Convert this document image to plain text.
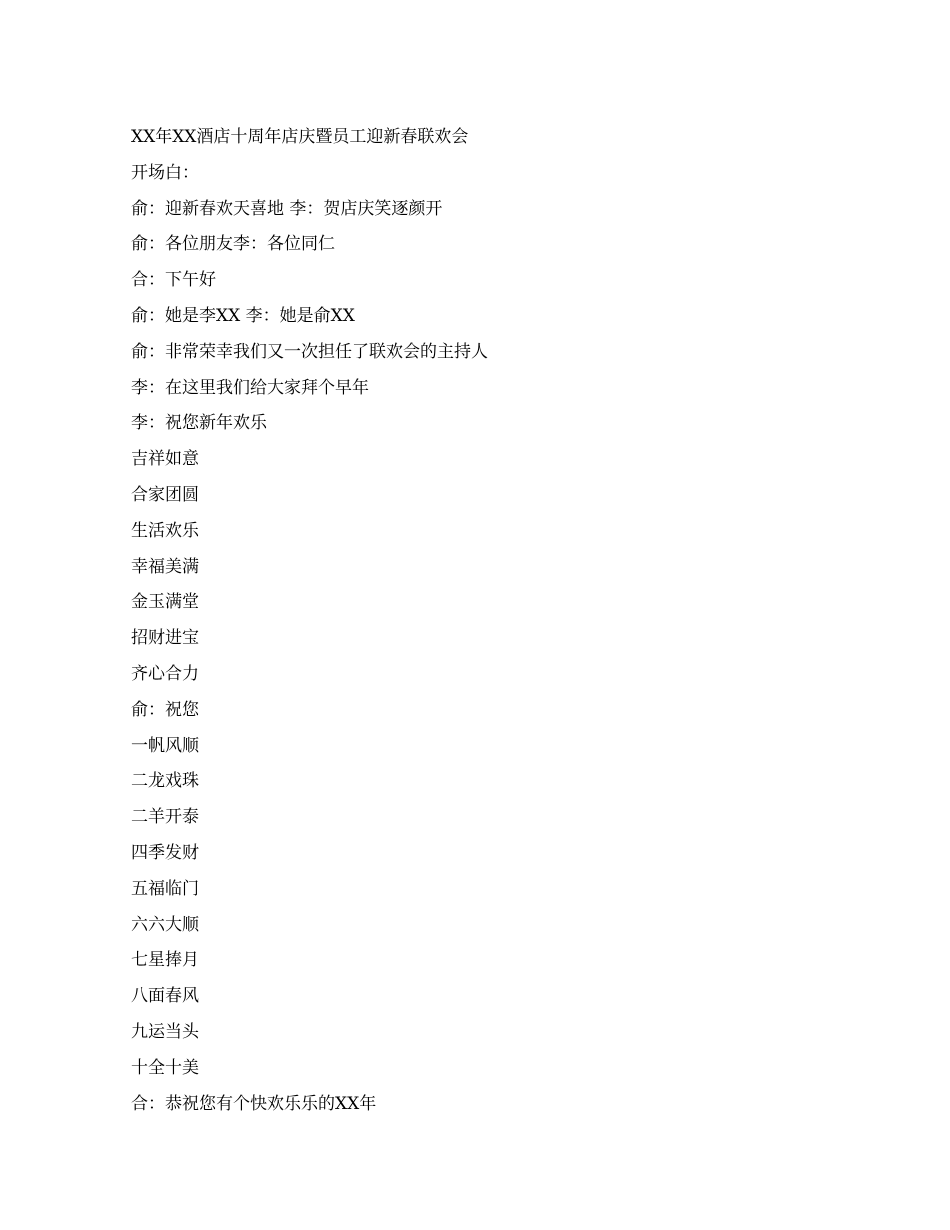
XX年XX酒店十周年店庆暨员工迎新春联欢会
开场白：
俞：迎新春欢天喜地 李：贺店庆笑逐颜开
俞：各位朋友李：各位同仁
合：下午好
俞：她是李XX 李：她是俞XX
俞：非常荣幸我们又一次担任了联欢会的主持人
李：在这里我们给大家拜个早年
李：祝您新年欢乐
吉祥如意
合家团圆
生活欢乐
幸福美满
金玉满堂
招财进宝
齐心合力
俞：祝您
一帆风顺
二龙戏珠
二羊开泰
四季发财
五福临门
六六大顺
七星捧月
八面春风
九运当头
十全十美
合：恭祝您有个快欢乐乐的XX年
